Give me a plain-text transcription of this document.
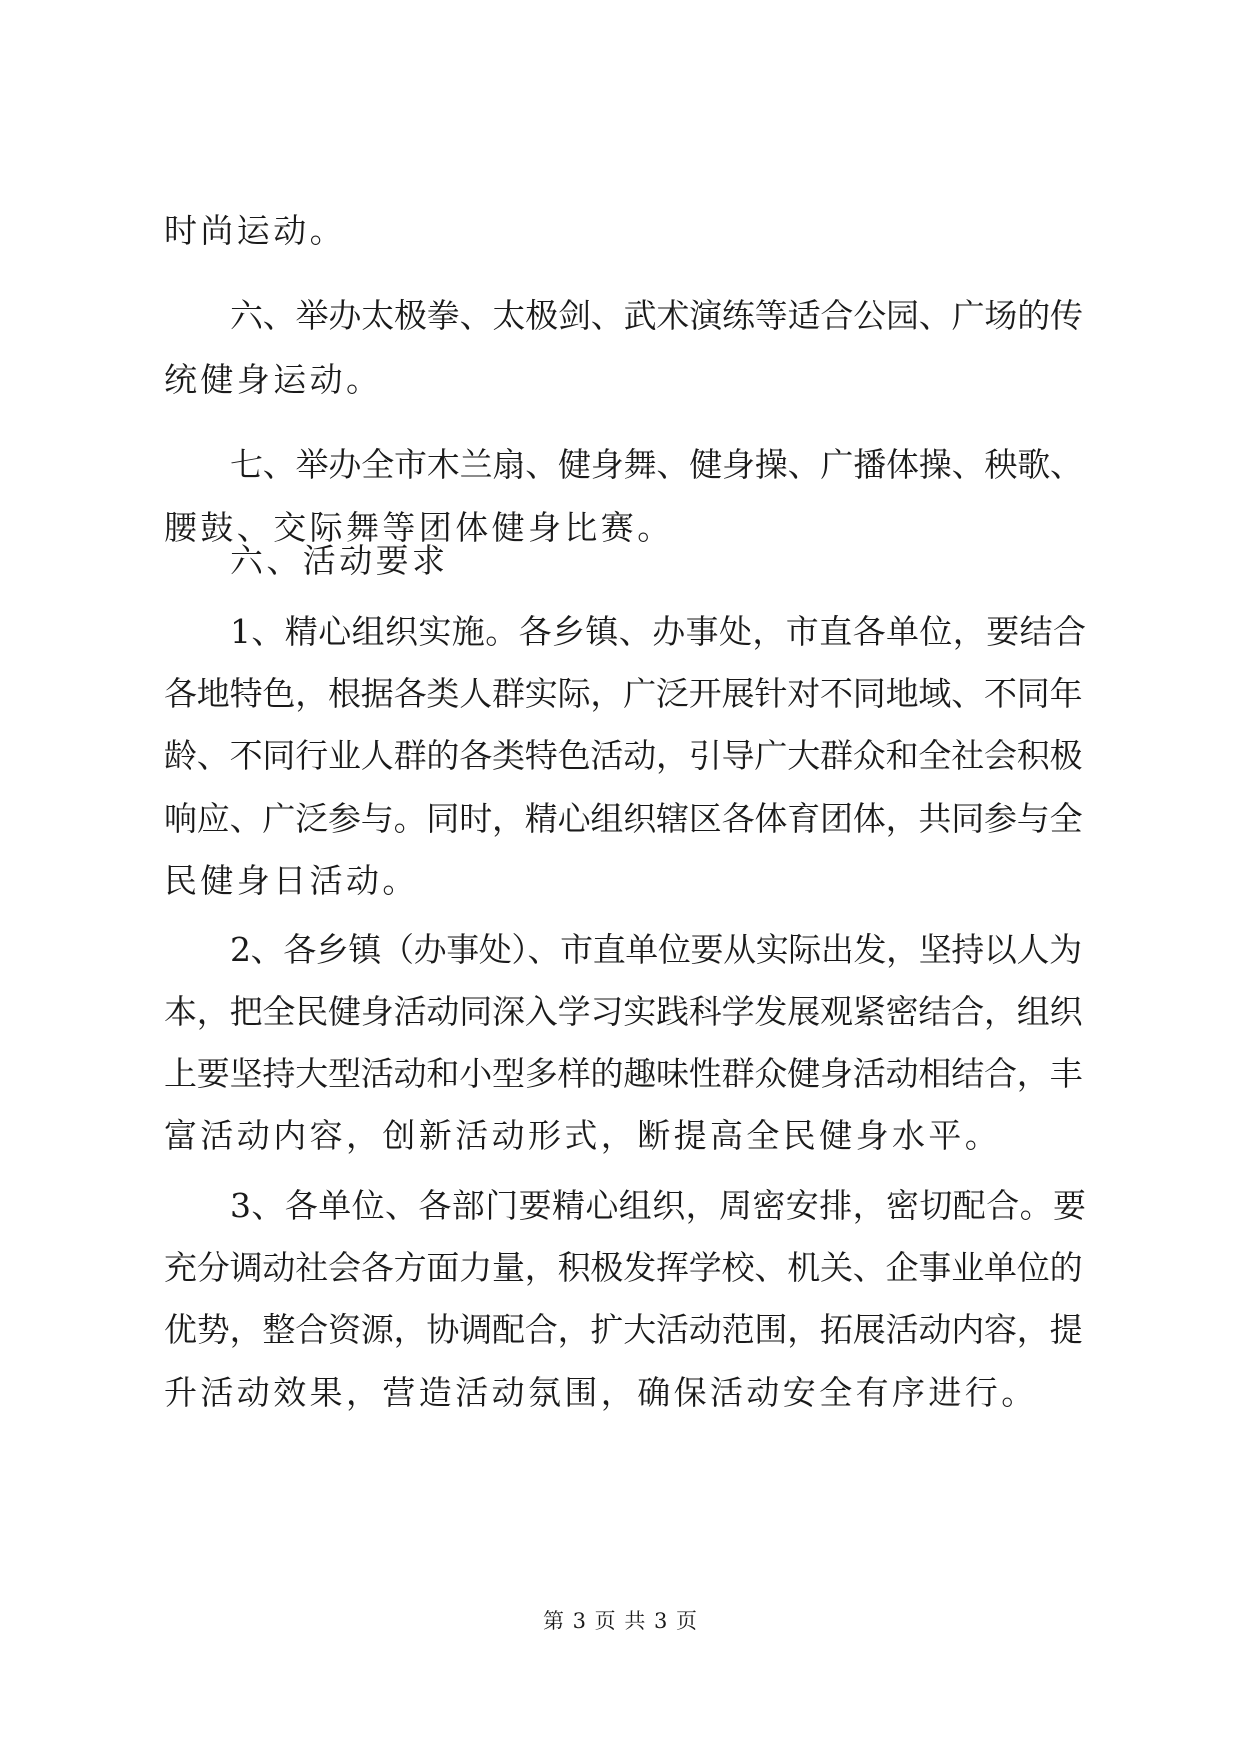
时尚运动。
六、举办太极拳、太极剑、武术演练等适合公园、广场的传
统健身运动。
七、举办全市木兰扇、健身舞、健身操、广播体操、秧歌、
腰鼓、交际舞等团体健身比赛。
六、活动要求
1、精心组织实施。各乡镇、办事处，市直各单位，要结合
各地特色，根据各类人群实际，广泛开展针对不同地域、不同年
龄、不同行业人群的各类特色活动，引导广大群众和全社会积极
响应、广泛参与。同时，精心组织辖区各体育团体，共同参与全
民健身日活动。
2、各乡镇（办事处）、市直单位要从实际出发，坚持以人为
本，把全民健身活动同深入学习实践科学发展观紧密结合，组织
上要坚持大型活动和小型多样的趣味性群众健身活动相结合，丰
富活动内容，创新活动形式，断提高全民健身水平。
3、各单位、各部门要精心组织，周密安排，密切配合。要
充分调动社会各方面力量，积极发挥学校、机关、企事业单位的
优势，整合资源，协调配合，扩大活动范围，拓展活动内容，提
升活动效果，营造活动氛围，确保活动安全有序进行。
第 3 页 共 3 页
